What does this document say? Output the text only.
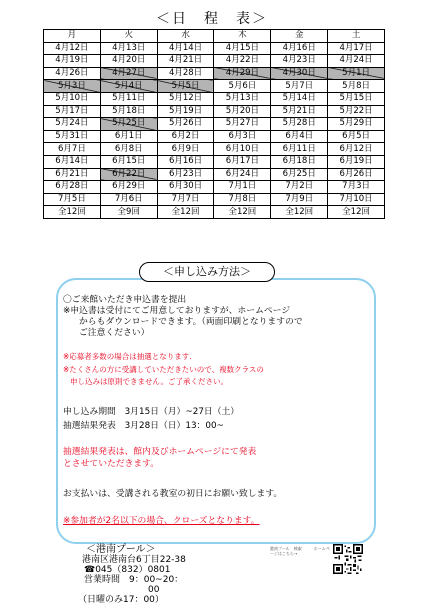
＜日　程　表＞
月	火	水	木	金	土
4月12日	4月13日	4月14日	4月15日	4月16日	4月17日
4月19日	4月20日	4月21日	4月22日	4月23日	4月24日
4月26日	4月27日	4月28日	4月29日	4月30日	5月1日
5月3日	5月4日	5月5日	5月6日	5月7日	5月8日
5月10日	5月11日	5月12日	5月13日	5月14日	5月15日
5月17日	5月18日	5月19日	5月20日	5月21日	5月22日
5月24日	5月25日	5月26日	5月27日	5月28日	5月29日
5月31日	6月1日	6月2日	6月3日	6月4日	6月5日
6月7日	6月8日	6月9日	6月10日	6月11日	6月12日
6月14日	6月15日	6月16日	6月17日	6月18日	6月19日
6月21日	6月22日	6月23日	6月24日	6月25日	6月26日
6月28日	6月29日	6月30日	7月1日	7月2日	7月3日
7月5日	7月6日	7月7日	7月8日	7月9日	7月10日
全12回	全9回	全12回	全12回	全12回	全12回
＜申し込み方法＞
〇ご来館いただき申込書を提出
※申込書は受付にてご用意しておりますが、ホームページ
からもダウンロードできます。（両面印刷となりますので
ご注意ください）
※応募者多数の場合は抽選となります.
※たくさんの方に受講していただきたいので、複数クラスの
申し込みは原則できません。ご了承ください。
申し込み期間　3月15日（月）~27日（土）
抽選結果発表　3月28日（日）13：00~
抽選結果発表は、館内及びホームページにて発表
とさせていただきます。
お支払いは、受講される教室の初日にお願い致します。
※参加者が2名以下の場合、クローズとなります。
＜港南プール＞
港南区港南台6丁目22-38
☎045（832）0801
営業時間　9：00~20：
00
（日曜のみ17：00）
港南プール　検索　　　ホームページはこちら→
